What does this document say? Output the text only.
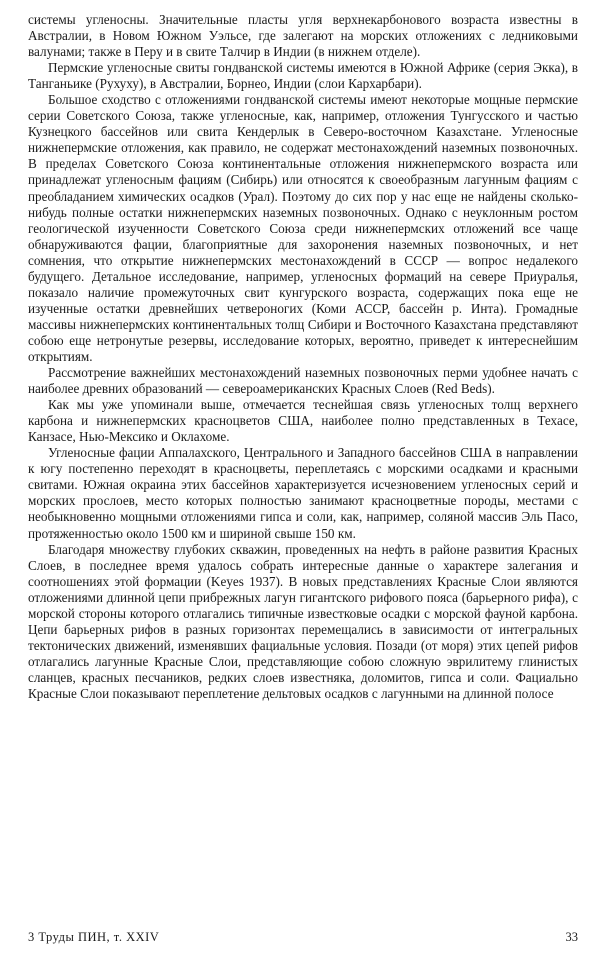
системы угленосны. Значительные пласты угля верхнекарбонового возраста известны в Австралии, в Новом Южном Уэльсе, где залегают на морских отложениях с ледниковыми валунами; также в Перу и в свите Талчир в Индии (в нижнем отделе).

Пермские угленосные свиты гондванской системы имеются в Южной Африке (серия Экка), в Танганьике (Рухуху), в Австралии, Борнео, Индии (слои Кархарбари).

Большое сходство с отложениями гондванской системы имеют некоторые мощные пермские серии Советского Союза, также угленосные, как, например, отложения Тунгусского и частью Кузнецкого бассейнов или свита Кендерлык в Северо-восточном Казахстане. Угленосные нижнепермские отложения, как правило, не содержат местонахождений наземных позвоночных. В пределах Советского Союза континентальные отложения нижнепермского возраста или принадлежат угленосным фациям (Сибирь) или относятся к своеобразным лагунным фациям с преобладанием химических осадков (Урал). Поэтому до сих пор у нас еще не найдены сколько-нибудь полные остатки нижнепермских наземных позвоночных. Однако с неуклонным ростом геологической изученности Советского Союза среди нижнепермских отложений все чаще обнаруживаются фации, благоприятные для захоронения наземных позвоночных, и нет сомнения, что открытие нижнепермских местонахождений в СССР — вопрос недалекого будущего. Детальное исследование, например, угленосных формаций на севере Приуралья, показало наличие промежуточных свит кунгурского возраста, содержащих пока еще не изученные остатки древнейших четвероногих (Коми АССР, бассейн р. Инта). Громадные массивы нижнепермских континентальных толщ Сибири и Восточного Казахстана представляют собою еще нетронутые резервы, исследование которых, вероятно, приведет к интереснейшим открытиям.

Рассмотрение важнейших местонахождений наземных позвоночных перми удобнее начать с наиболее древних образований — североамериканских Красных Слоев (Red Beds).

Как мы уже упоминали выше, отмечается теснейшая связь угленосных толщ верхнего карбона и нижнепермских красноцветов США, наиболее полно представленных в Техасе, Канзасе, Нью-Мексико и Оклахоме.

Угленосные фации Аппалахского, Центрального и Западного бассейнов США в направлении к югу постепенно переходят в красноцветы, переплетаясь с морскими осадками и красными свитами. Южная окраина этих бассейнов характеризуется исчезновением угленосных серий и морских прослоев, место которых полностью занимают красноцветные породы, местами с необыкновенно мощными отложениями гипса и соли, как, например, соляной массив Эль Пасо, протяженностью около 1500 км и шириной свыше 150 км.

Благодаря множеству глубоких скважин, проведенных на нефть в районе развития Красных Слоев, в последнее время удалось собрать интересные данные о характере залегания и соотношениях этой формации (Keyes 1937). В новых представлениях Красные Слои являются отложениями длинной цепи прибрежных лагун гигантского рифового пояса (барьерного рифа), с морской стороны которого отлагались типичные известковые осадки с морской фауной карбона. Цепи барьерных рифов в разных горизонтах перемещались в зависимости от интегральных тектонических движений, изменявших фациальные условия. Позади (от моря) этих цепей рифов отлагались лагунные Красные Слои, представляющие собою сложную эврилитему глинистых сланцев, красных песчаников, редких слоев известняка, доломитов, гипса и соли. Фациально Красные Слои показывают переплетение дельтовых осадков с лагунными на длинной полосе

3 Труды ПИН, т. XXIV	33
